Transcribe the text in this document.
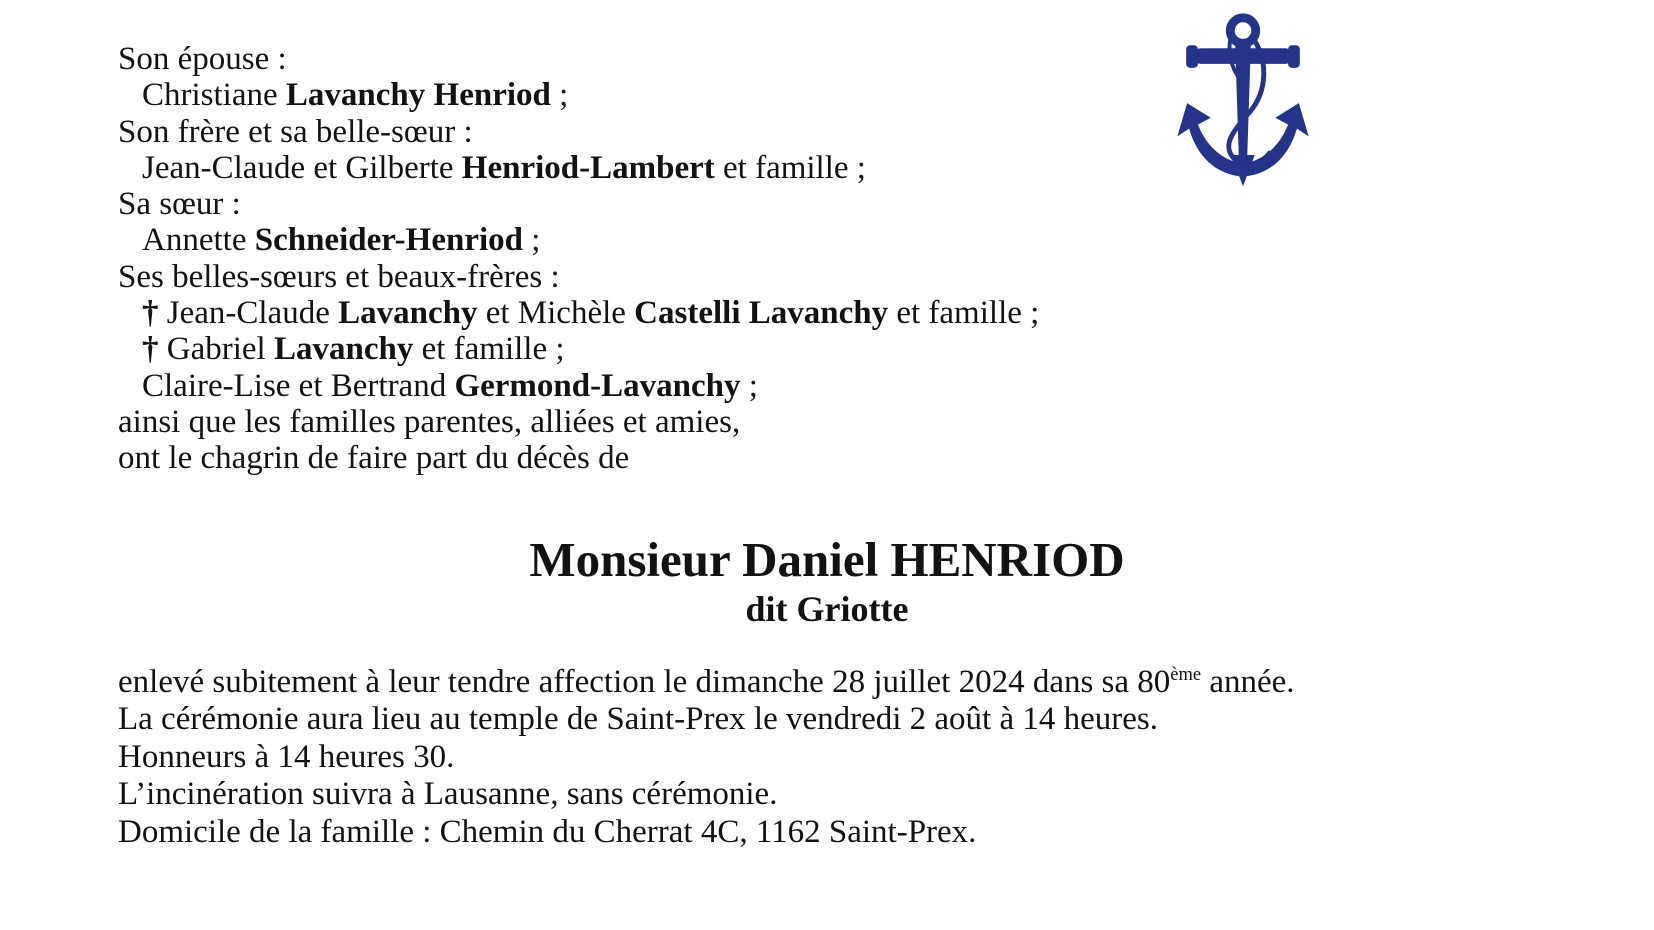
Son épouse :
Christiane Lavanchy Henriod ;
Son frère et sa belle-sœur :
Jean-Claude et Gilberte Henriod-Lambert et famille ;
Sa sœur :
Annette Schneider-Henriod ;
Ses belles-sœurs et beaux-frères :
† Jean-Claude Lavanchy et Michèle Castelli Lavanchy et famille ;
† Gabriel Lavanchy et famille ;
Claire-Lise et Bertrand Germond-Lavanchy ;
ainsi que les familles parentes, alliées et amies,
ont le chagrin de faire part du décès de
Monsieur Daniel HENRIOD
dit Griotte
enlevé subitement à leur tendre affection le dimanche 28 juillet 2024 dans sa 80ème année.
La cérémonie aura lieu au temple de Saint-Prex le vendredi 2 août à 14 heures.
Honneurs à 14 heures 30.
L’incinération suivra à Lausanne, sans cérémonie.
Domicile de la famille : Chemin du Cherrat 4C, 1162 Saint-Prex.
